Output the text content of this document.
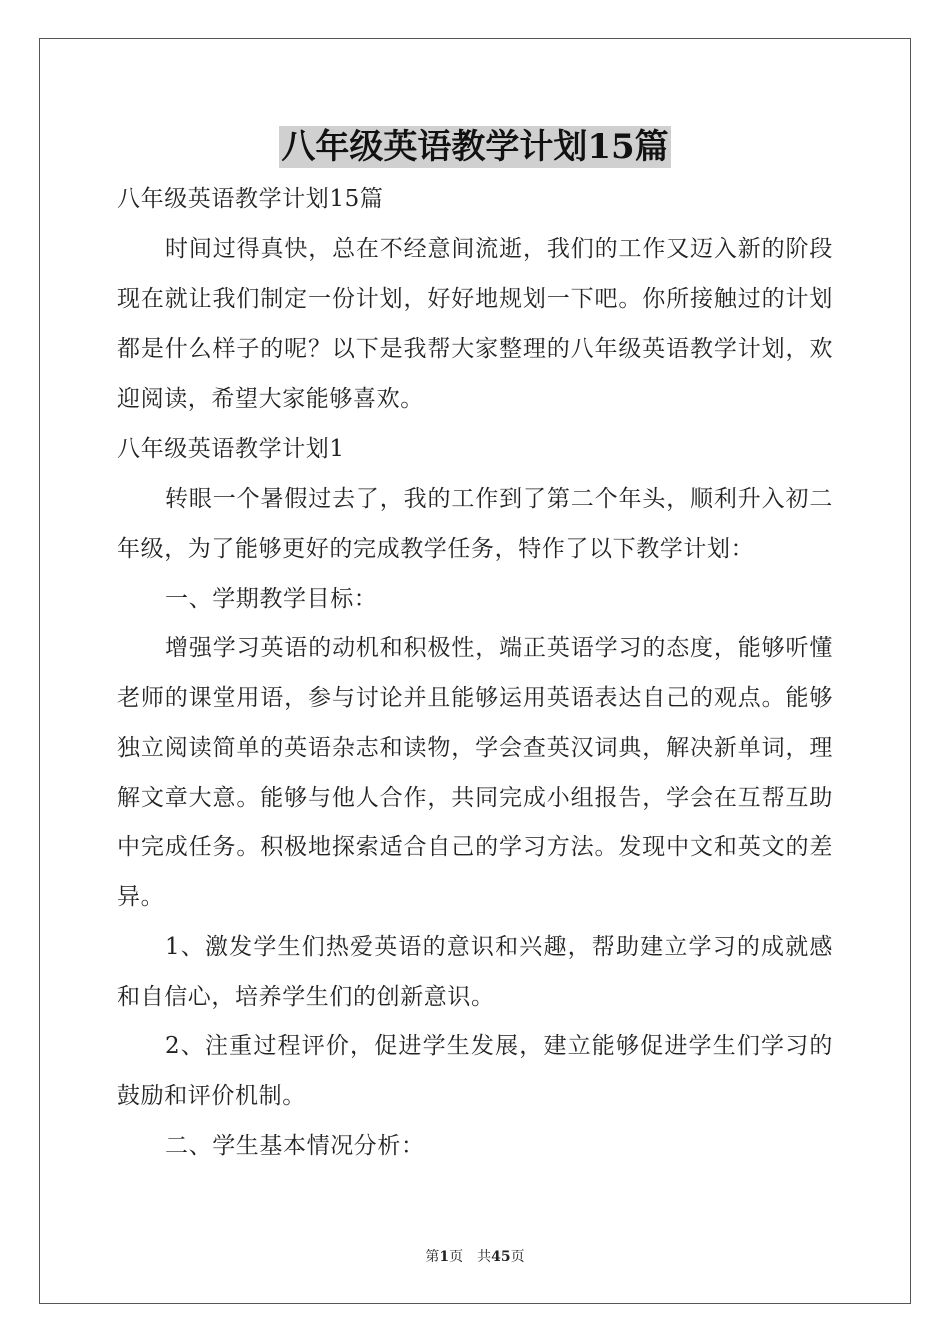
八年级英语教学计划15篇
八年级英语教学计划15篇
时间过得真快，总在不经意间流逝，我们的工作又迈入新的阶段
现在就让我们制定一份计划，好好地规划一下吧。你所接触过的计划
都是什么样子的呢？以下是我帮大家整理的八年级英语教学计划，欢
迎阅读，希望大家能够喜欢。
八年级英语教学计划1
转眼一个暑假过去了，我的工作到了第二个年头，顺利升入初二
年级，为了能够更好的完成教学任务，特作了以下教学计划：
一、学期教学目标：
增强学习英语的动机和积极性，端正英语学习的态度，能够听懂
老师的课堂用语，参与讨论并且能够运用英语表达自己的观点。能够
独立阅读简单的英语杂志和读物，学会查英汉词典，解决新单词，理
解文章大意。能够与他人合作，共同完成小组报告，学会在互帮互助
中完成任务。积极地探索适合自己的学习方法。发现中文和英文的差
异。
1、激发学生们热爱英语的意识和兴趣，帮助建立学习的成就感
和自信心，培养学生们的创新意识。
2、注重过程评价，促进学生发展，建立能够促进学生们学习的
鼓励和评价机制。
二、学生基本情况分析：
第1页　共45页
